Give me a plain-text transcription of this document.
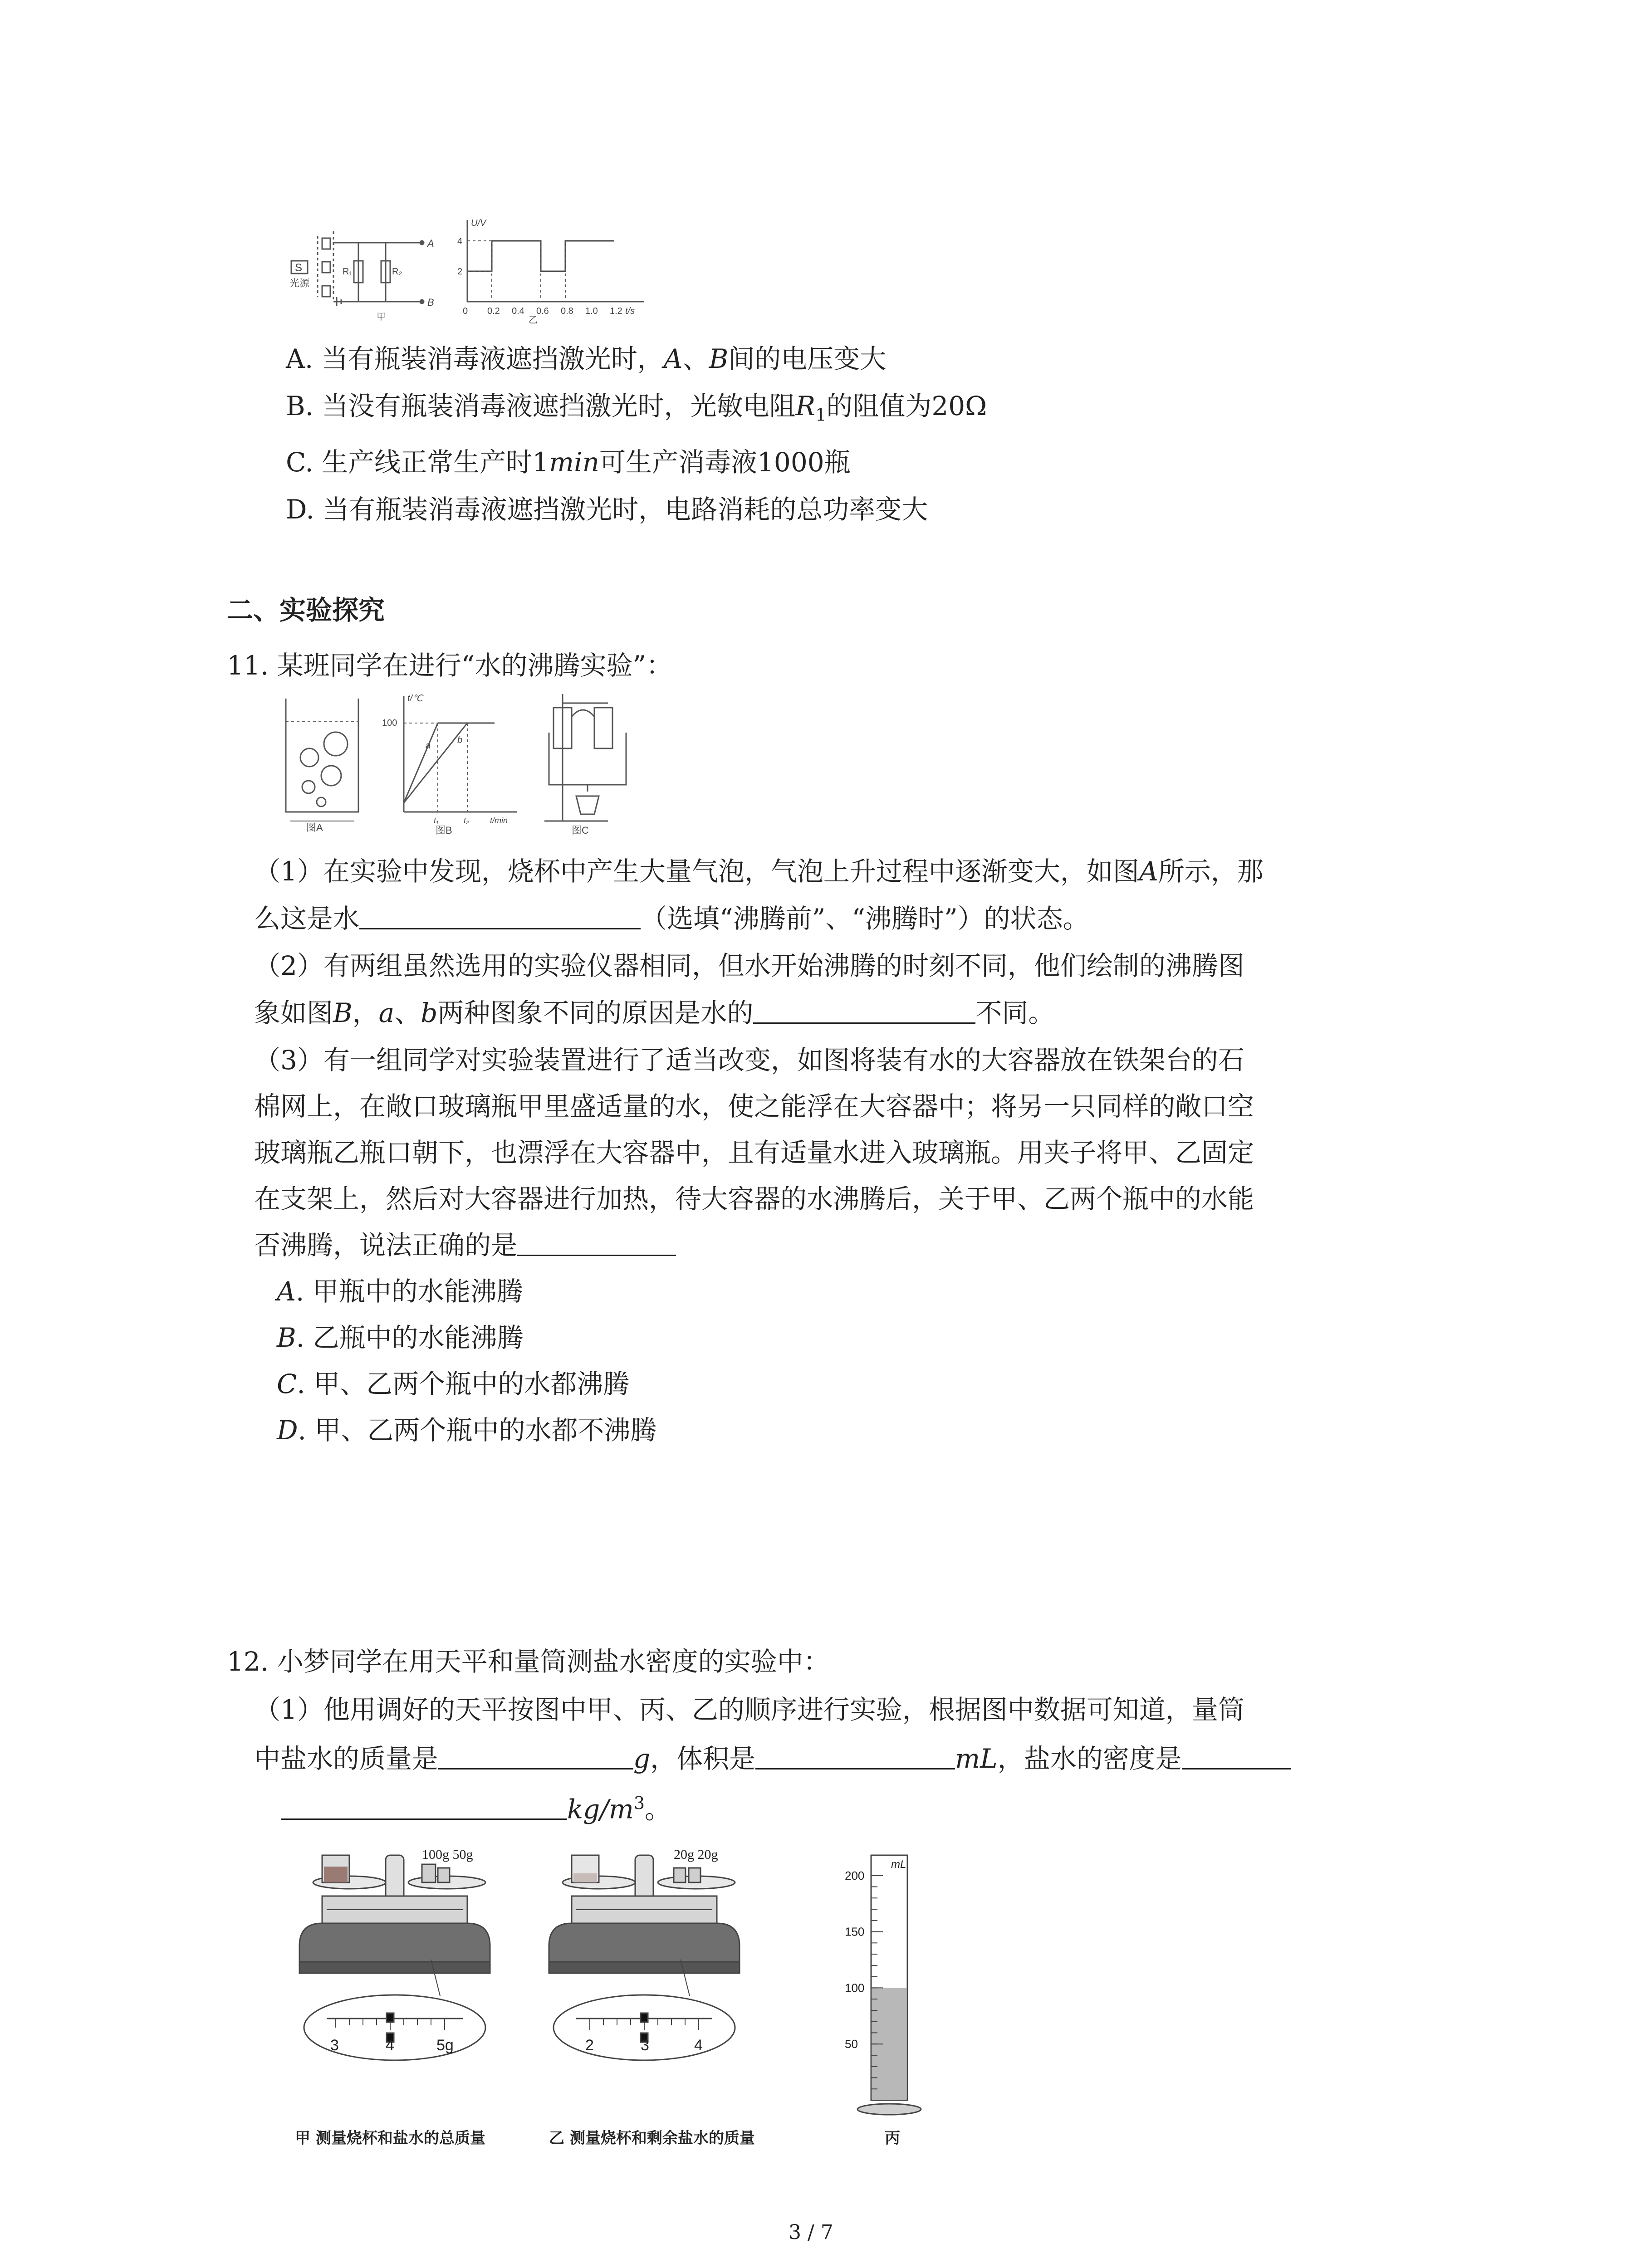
S
光源
R₁	R₂
A
B
甲
U/V
4
2
0 0.2 0.4 0.6 0.8 1.0 1.2 t/s
乙
A. 当有瓶装消毒液遮挡激光时，A、B间的电压变大
B. 当没有瓶装消毒液遮挡激光时，光敏电阻$R_1$的阻值为20Ω
C. 生产线正常生产时1min可生产消毒液1000瓶
D. 当有瓶装消毒液遮挡激光时，电路消耗的总功率变大
二、实验探究
11. 某班同学在进行“水的沸腾实验”：
图A
t/℃
100
a
b
t₁	t₂	t/min
图B	图C
（1）在实验中发现，烧杯中产生大量气泡，气泡上升过程中逐渐变大，如图A所示，那
么这是水	（选填“沸腾前”、“沸腾时”）的状态。
（2）有两组虽然选用的实验仪器相同，但水开始沸腾的时刻不同，他们绘制的沸腾图
象如图B，a、b两种图象不同的原因是水的	不同。
（3）有一组同学对实验装置进行了适当改变，如图将装有水的大容器放在铁架台的石
棉网上，在敞口玻璃瓶甲里盛适量的水，使之能浮在大容器中；将另一只同样的敞口空
玻璃瓶乙瓶口朝下，也漂浮在大容器中，且有适量水进入玻璃瓶。用夹子将甲、乙固定
在支架上，然后对大容器进行加热，待大容器的水沸腾后，关于甲、乙两个瓶中的水能
否沸腾，说法正确的是
A. 甲瓶中的水能沸腾
B. 乙瓶中的水能沸腾
C. 甲、乙两个瓶中的水都沸腾
D. 甲、乙两个瓶中的水都不沸腾
12. 小梦同学在用天平和量筒测盐水密度的实验中：
（1）他用调好的天平按图中甲、丙、乙的顺序进行实验，根据图中数据可知道，量筒
中盐水的质量是	g，体积是	mL，盐水的密度是
$kg/m^3$。
100g 50g
3	4	5g
甲 测量烧杯和盐水的总质量
20g 20g
2	3	4
乙 测量烧杯和剩余盐水的质量
200
150
100
50
mL
丙
3 / 7
